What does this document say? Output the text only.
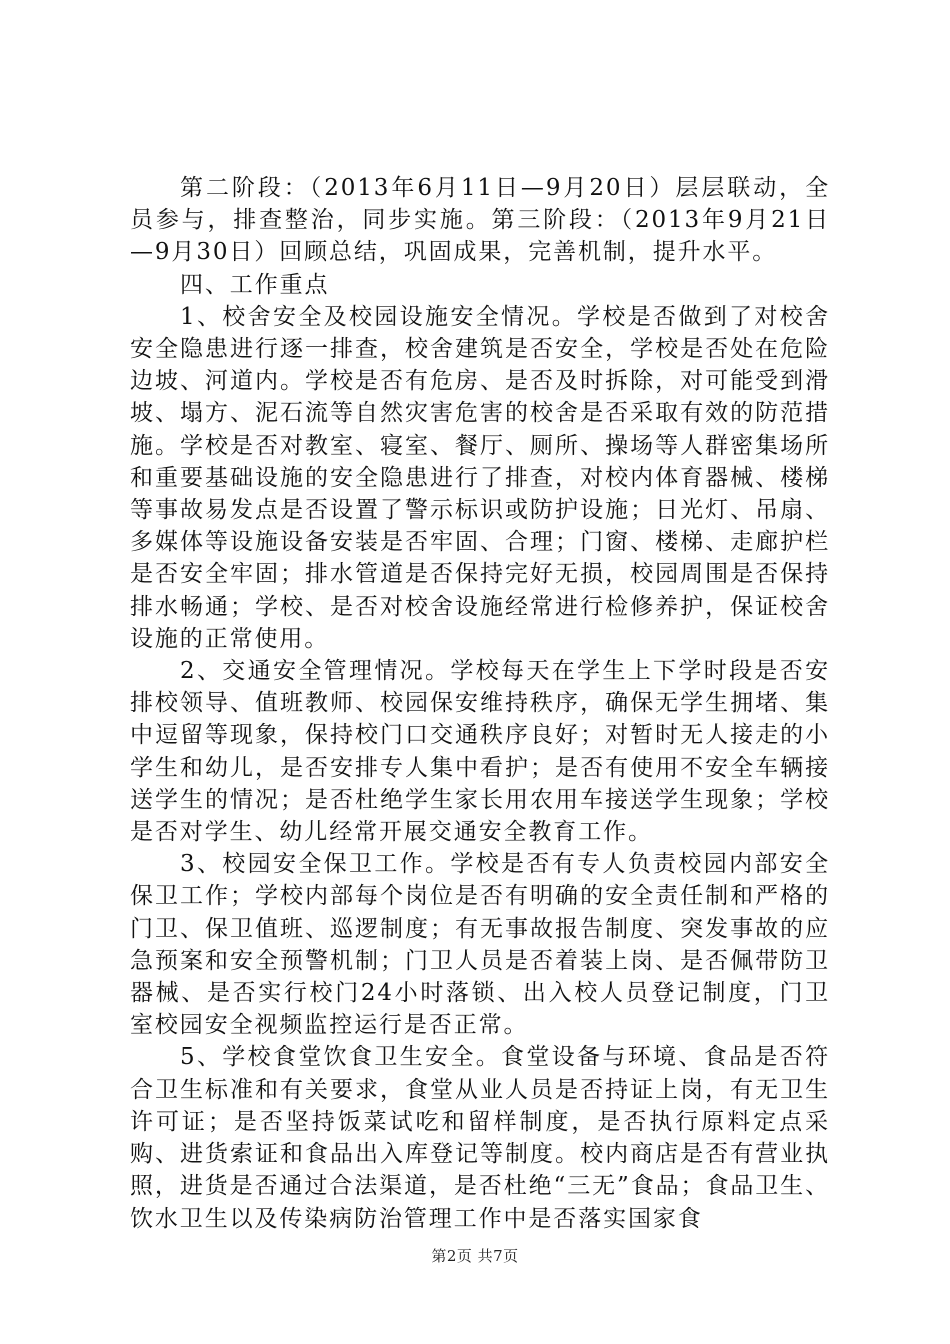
第二阶段：（2013年6月11日—9月20日）层层联动，全员参与，排查整治，同步实施。第三阶段：（2013年9月21日—9月30日）回顾总结，巩固成果，完善机制，提升水平。

四、工作重点

1、校舍安全及校园设施安全情况。学校是否做到了对校舍安全隐患进行逐一排查，校舍建筑是否安全，学校是否处在危险边坡、河道内。学校是否有危房、是否及时拆除，对可能受到滑坡、塌方、泥石流等自然灾害危害的校舍是否采取有效的防范措施。学校是否对教室、寝室、餐厅、厕所、操场等人群密集场所和重要基础设施的安全隐患进行了排查，对校内体育器械、楼梯等事故易发点是否设置了警示标识或防护设施；日光灯、吊扇、多媒体等设施设备安装是否牢固、合理；门窗、楼梯、走廊护栏是否安全牢固；排水管道是否保持完好无损，校园周围是否保持排水畅通；学校、是否对校舍设施经常进行检修养护，保证校舍设施的正常使用。

2、交通安全管理情况。学校每天在学生上下学时段是否安排校领导、值班教师、校园保安维持秩序，确保无学生拥堵、集中逗留等现象，保持校门口交通秩序良好；对暂时无人接走的小学生和幼儿，是否安排专人集中看护；是否有使用不安全车辆接送学生的情况；是否杜绝学生家长用农用车接送学生现象；学校是否对学生、幼儿经常开展交通安全教育工作。

3、校园安全保卫工作。学校是否有专人负责校园内部安全保卫工作；学校内部每个岗位是否有明确的安全责任制和严格的门卫、保卫值班、巡逻制度；有无事故报告制度、突发事故的应急预案和安全预警机制；门卫人员是否着装上岗、是否佩带防卫器械、是否实行校门24小时落锁、出入校人员登记制度，门卫室校园安全视频监控运行是否正常。

5、学校食堂饮食卫生安全。食堂设备与环境、食品是否符合卫生标准和有关要求，食堂从业人员是否持证上岗，有无卫生许可证；是否坚持饭菜试吃和留样制度，是否执行原料定点采购、进货索证和食品出入库登记等制度。校内商店是否有营业执照，进货是否通过合法渠道，是否杜绝“三无”食品；食品卫生、饮水卫生以及传染病防治管理工作中是否落实国家食

第2页 共7页
